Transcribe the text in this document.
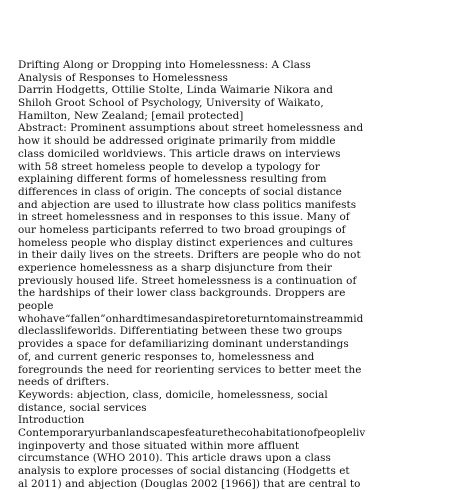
Drifting Along or Dropping into Homelessness: A Class
Analysis of Responses to Homelessness
Darrin Hodgetts, Ottilie Stolte, Linda Waimarie Nikora and
Shiloh Groot School of Psychology, University of Waikato,
Hamilton, New Zealand; [email protected]
Abstract: Prominent assumptions about street homelessness and
how it should be addressed originate primarily from middle
class domiciled worldviews. This article draws on interviews
with 58 street homeless people to develop a typology for
explaining different forms of homelessness resulting from
differences in class of origin. The concepts of social distance
and abjection are used to illustrate how class politics manifests
in street homelessness and in responses to this issue. Many of
our homeless participants referred to two broad groupings of
homeless people who display distinct experiences and cultures
in their daily lives on the streets. Drifters are people who do not
experience homelessness as a sharp disjuncture from their
previously housed life. Street homelessness is a continuation of
the hardships of their lower class backgrounds. Droppers are
people
whohave“fallen”onhardtimesandaspiretoreturntomainstreammid
dleclasslifeworlds. Differentiating between these two groups
provides a space for defamiliarizing dominant understandings
of, and current generic responses to, homelessness and
foregrounds the need for reorienting services to better meet the
needs of drifters.
Keywords: abjection, class, domicile, homelessness, social
distance, social services
Introduction
Contemporaryurbanlandscapesfeaturethecohabitationofpeopleliv
inginpoverty and those situated within more affluent
circumstance (WHO 2010). This article draws upon a class
analysis to explore processes of social distancing (Hodgetts et
al 2011) and abjection (Douglas 2002 [1966]) that are central to
